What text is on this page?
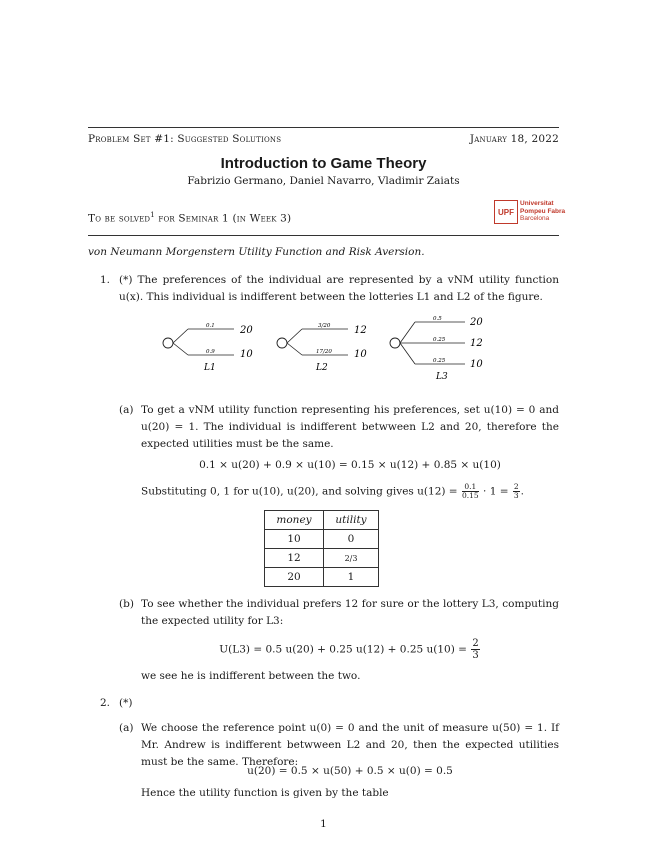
Problem Set #1: Suggested Solutions	January 18, 2022
Introduction to Game Theory
Fabrizio Germano, Daniel Navarro, Vladimir Zaiats
To be solved$^1$ for Seminar 1 (in Week 3)
UPF
Universitat
Pompeu Fabra
Barcelona
von Neumann Morgenstern Utility Function and Risk Aversion.
1. (*) The preferences of the individual are represented by a vNM utility function u(x). This individual is indifferent between the lotteries L1 and L2 of the figure.
0.1
0.9
20
10
L1
3/20
17/20
12
10
L2
0.5
0.25
0.25
20
12
10
L3
(a) To get a vNM utility function representing his preferences, set u(10) = 0 and u(20) = 1. The individual is indifferent betwween L2 and 20, therefore the expected utilities must be the same.
0.1 × u(20) + 0.9 × u(10) = 0.15 × u(12) + 0.85 × u(10)
Substituting 0, 1 for u(10), u(20), and solving gives $u(12) = \frac{0.1}{0.15} \cdot 1 = \frac{2}{3}$ .
money	utility
10	0
12	2/3
20	1
(b) To see whether the individual prefers 12 for sure or the lottery L3, computing the expected utility for L3:
U(L3) = 0.5 u(20) + 0.25 u(12) + 0.25 $u(10) = \frac{2}{3}$
we see he is indifferent between the two.
2. (*)
(a) We choose the reference point u(0) = 0 and the unit of measure u(50) = 1. If Mr. Andrew is indifferent betwween L2 and 20, then the expected utilities must be the same. Therefore:
u(20) = 0.5 × u(50) + 0.5 × u(0) = 0.5
Hence the utility function is given by the table
1
